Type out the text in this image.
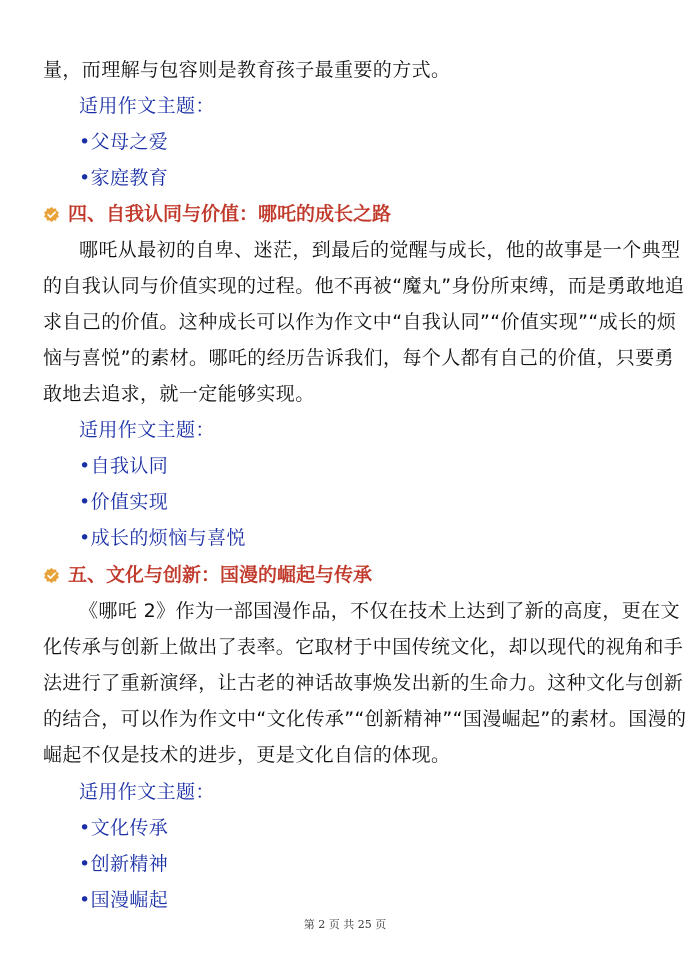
量，而理解与包容则是教育孩子最重要的方式。
适用作文主题：
•父母之爱
•家庭教育
四、自我认同与价值：哪吒的成长之路
哪吒从最初的自卑、迷茫，到最后的觉醒与成长，他的故事是一个典型
的自我认同与价值实现的过程。他不再被“魔丸”身份所束缚，而是勇敢地追
求自己的价值。这种成长可以作为作文中“自我认同”“价值实现”“成长的烦
恼与喜悦”的素材。哪吒的经历告诉我们，每个人都有自己的价值，只要勇
敢地去追求，就一定能够实现。
适用作文主题：
•自我认同
•价值实现
•成长的烦恼与喜悦
五、文化与创新：国漫的崛起与传承
《哪吒 2》作为一部国漫作品，不仅在技术上达到了新的高度，更在文
化传承与创新上做出了表率。它取材于中国传统文化，却以现代的视角和手
法进行了重新演绎，让古老的神话故事焕发出新的生命力。这种文化与创新
的结合，可以作为作文中“文化传承”“创新精神”“国漫崛起”的素材。国漫的
崛起不仅是技术的进步，更是文化自信的体现。
适用作文主题：
•文化传承
•创新精神
•国漫崛起
第 2 页 共 25 页
